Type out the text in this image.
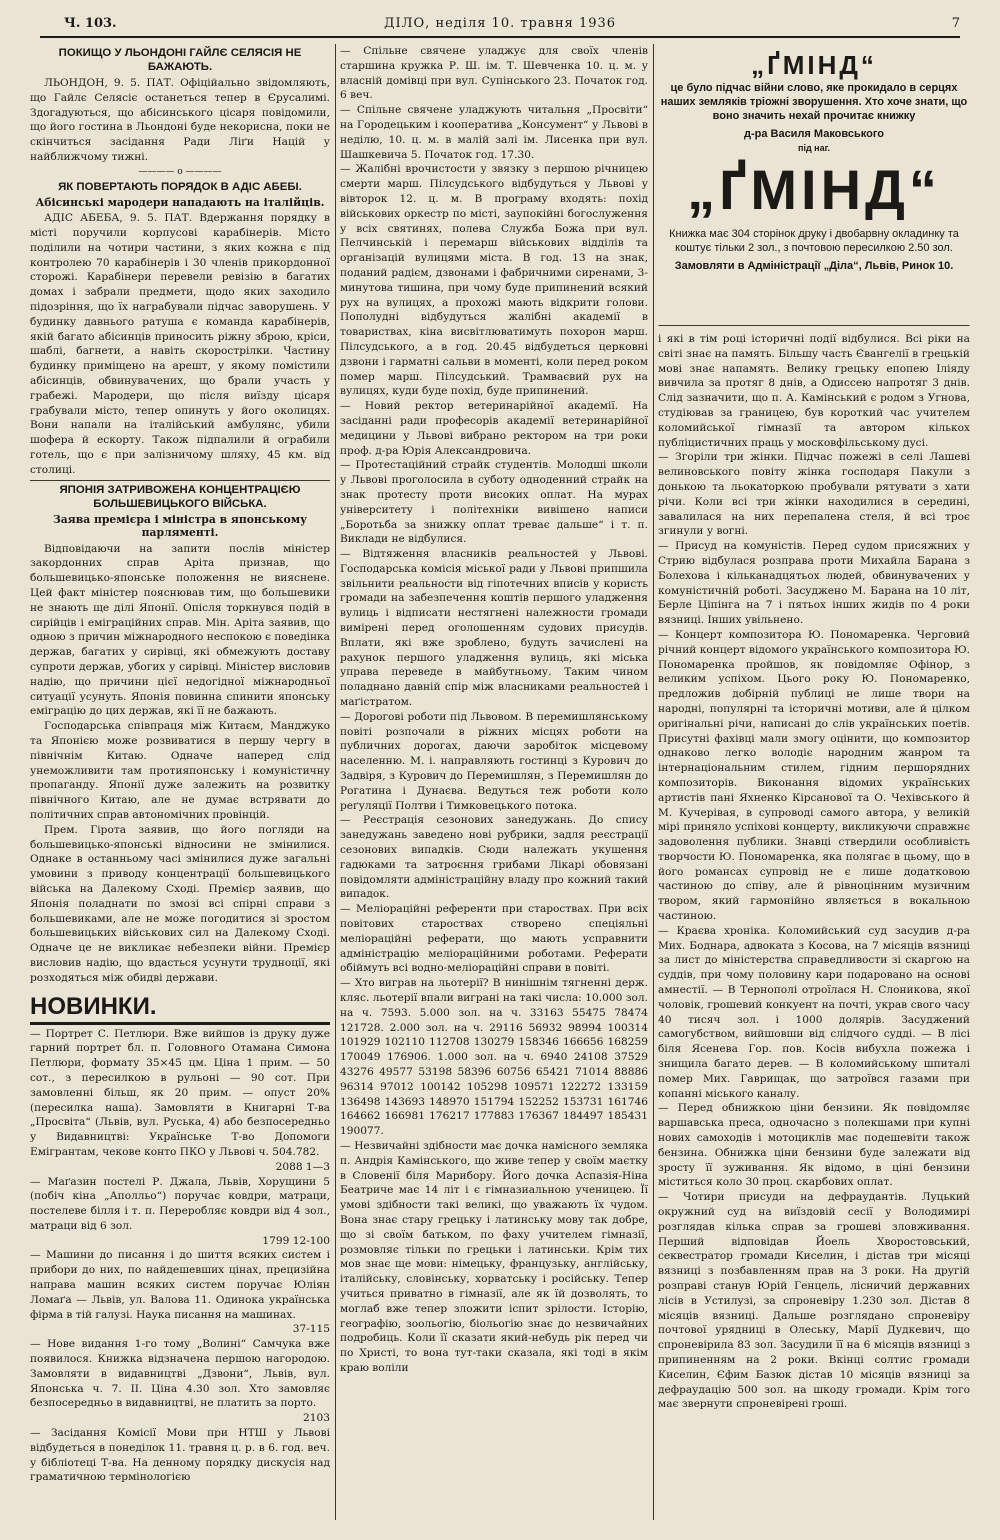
Ч. 103.	ДІЛО, неділя 10. травня 1936	7
ПОКИЩО У ЛЬОНДОНІ ГАЙЛЄ СЕЛЯСІЯ НЕ БАЖАЮТЬ.

ЛЬОНДОН, 9. 5. ПАТ. Офіційально звідомляють, що Гайлє Селясіє останеться тепер в Єрусалимі. Здогадуються, що абісинського цісаря повідомили, що його гостина в Льондоні буде некорисна, поки не скінчиться засідання Ради Ліґи Націй у найближчому тижні.

———— o ————
ЯК ПОВЕРТАЮТЬ ПОРЯДОК В АДІС АБЕБІ.
Абісинські мародери нападають на італійців.

АДІС АБЕБА, 9. 5. ПАТ. Вдержання порядку в місті поручили корпусові карабінерів. Місто поділили на чотири частини, з яких кожна є під контролею 70 карабінерів і 30 членів прикордонної сторожі. Карабінери перевели ревізію в багатих домах і забрали предмети, щодо яких заходило підозріння, що їх награбували підчас заворушень. У будинку давнього ратуша є команда карабінерів, якій багато абісинців приносить ріжну зброю, кріси, шаблі, багнети, а навіть скорострілки. Частину будинку приміщено на арешт, у якому помістили абісинців, обвинувачених, що брали участь у грабежі. Мародери, що після виїзду цісаря грабували місто, тепер опинуть у його околицях. Вони напали на італійський амбулянс, убили шофера й ескорту. Також підпалили й ограбили готель, що є при залізничому шляху, 45 км. від столиці.

ЯПОНІЯ ЗАТРИВОЖЕНА КОНЦЕНТРАЦІЄЮ БОЛЬШЕВИЦЬКОГО ВІЙСЬКА.
Заява премієра і міністра в японському парляменті.

Відповідаючи на запити послів міністер закордонних справ Аріта признав, що большевицько-японське положення не вияснене. Цей факт міністер пояснював тим, що большевики не знають ще ділі Японії. Опісля торкнувся подій в сирійців і еміграційних справ. Мін. Аріта заявив, що одною з причин міжнародного неспокою є поведінка держав, багатих у сирівці, які обмежують доставу супроти держав, убогих у сирівці. Міністер висловив надію, що причини цієї недогідної міжнародньої ситуації усунуть. Японія повинна спинити японську еміграцію до цих держав, які її не бажають.

Господарська співпраця між Китаєм, Манджуко та Японією може розвиватися в першу чергу в північнім Китаю. Одначе наперед слід унеможливити там протияпонську і комуністичну пропаганду. Японії дуже залежить на розвитку північного Китаю, але не думає встрявати до політичних справ автономічних провінцій.

Прем. Гірота заявив, що його погляди на большевицько-японські відносини не змінилися. Однаке в останньому часі змінилися дуже загальні умовини з приводу концентрації большевицького війська на Далекому Сході. Премієр заявив, що Японія поладнати по змозі всі спірні справи з большевиками, але не може погодитися зі зростом большевицьких військових сил на Далекому Сході. Одначе це не викликає небезпеки війни. Премієр висловив надію, що вдасться усунути трудноції, які розходяться між обидві держави.

НОВИНКИ.

— Портрет С. Петлюри. Вже вийшов із друку дуже гарний портрет бл. п. Головного Отамана Симона Петлюри, формату 35×45 цм. Ціна 1 прим. — 50 сот., з пересилкою в рульоні — 90 сот. При замовленні більш, як 20 прим. — опуст 20% (пересилка наша). Замовляти в Книгарні Т-ва „Просвіта“ (Львів, вул. Руська, 4) або безпосередньо у Видавництві: Українське Т-во Допомоги Емігрантам, чекове конто ПКО у Львові ч. 504.782.

2088 1—3

— Маґазин постелі Р. Джала, Львів, Хорущини 5 (побіч кіна „Аполльо“) поручає ковдри, матраци, постелеве білля і т. п. Переробляє ковдри від 4 зол., матраци від 6 зол.

1799 12-100

— Машини до писання і до шиття всяких систем і прибори до них, по найдешевших цінах, прецизійна направа машин всяких систем поручає Юліян Ломаґа — Львів, ул. Валова 11. Одинока українська фірма в тій галузі. Наука писання на машинах.

37-115

— Нове видання 1-го тому „Волині“ Самчука вже появилося. Книжка відзначена першою нагородою. Замовляти в видавництві „Дзвони“, Львів, вул. Японська ч. 7. II. Ціна 4.30 зол. Хто замовляє безпосередньо в видавництві, не платить за порто.

2103

— Засідання Комісії Мови при НТШ у Львові відбудеться в понеділок 11. травня ц. р. в 6. год. веч. у бібліотеці Т-ва. На денному порядку дискусія над граматичною термінологією

— Спільне свячене уладжує для своїх членів старшина кружка Р. Ш. ім. Т. Шевченка 10. ц. м. у власній домівці при вул. Супінського 23. Початок год. 6 веч.

— Спільне свячене уладжують читальня „Просвіти“ на Городецьким і кооператива „Консумент“ у Львові в неділю, 10. ц. м. в малій залі ім. Лисенка при вул. Шашкевича 5. Початок год. 17.30.

— Жалібні врочистости у звязку з першою річницею смерти марш. Пілсудського відбудуться у Львові у вівторок 12. ц. м. В програму входять: похід військових оркестр по місті, заупокійні богослуження у всіх святинях, полева Служба Божа при вул. Пелчинській і перемарш військових відділів та організацій вулицями міста. В год. 13 на знак, поданий радієм, дзвонами і фабричними сиренами, 3-минутова тишина, при чому буде припинений всякий рух на вулицях, а прохожі мають відкрити голови. Пополудні відбудуться жалібні академії в товариствах, кіна висвітлюватимуть похорон марш. Пілсудського, а в год. 20.45 відбудеться церковні дзвони і гарматні сальви в моменті, коли перед роком помер марш. Пілсудський. Трамваєвий рух на вулицях, куди буде похід, буде припинений.

— Новий ректор ветеринарійної академії. На засіданні ради професорів академії ветеринарійної медицини у Львові вибрано ректором на три роки проф. д-ра Юрія Александровича.

— Протестаційний страйк студентів. Молодші школи у Львові проголосила в суботу одноденний страйк на знак протесту проти високих оплат. На мурах університету і політехніки вивішено написи „Боротьба за знижку оплат треває дальше“ і т. п. Виклади не відбулися.

— Відтяження власників реальностей у Львові. Господарська комісія міської ради у Львові припшила звільнити реальности від гіпотечних вписів у користь громади на забезпечення коштів першого уладження вулиць і відписати нестягнені належности громади вимірені перед оголошенням судових присудів. Вплати, які вже зроблено, будуть зачислені на рахунок першого уладження вулиць, які міська управа переведе в майбутньому. Таким чином поладнано давній спір між власниками реальностей і маґістратом.

— Дорогові роботи під Львовом. В перемишлянському повіті розпочали в ріжних місцях роботи на публичних дорогах, даючи заробіток місцевому населенню. М. і. направляють гостинці з Курович до Задвіря, з Курович до Перемишлян, з Перемишлян до Рогатина і Дунаєва. Ведуться теж роботи коло реґуляції Полтви і Тимковецького потока.

— Реєстрація сезонових занедужань. До спису занедужань заведено нові рубрики, задля реєстрації сезонових випадків. Сюди належать укушення гадюками та затроєння грибами Лікарі обовязані повідомляти адміністраційну владу про кожний такий випадок.

— Меліораційні референти при староствах. При всіх повітових староствах створено спеціяльні меліораційні реферати, що мають усправнити адміністрацію меліораційними роботами. Реферати обіймуть всі водно-меліораційні справи в повіті.

— Хто виграв на льотерії? В нинішнім тягненні держ. кляс. льотерії впали виграні на такі числа: 10.000 зол. на ч. 7593. 5.000 зол. на ч. 33163 55475 78474 121728. 2.000 зол. на ч. 29116 56932 98994 100314 101929 102110 112708 130279 158346 166656 168259 170049 176906. 1.000 зол. на ч. 6940 24108 37529 43276 49577 53198 58396 60756 65421 71014 88886 96314 97012 100142 105298 109571 122272 133159 136498 143693 148970 151794 152252 153731 161746 164662 166981 176217 177883 176367 184497 185431 190077.

— Незвичайні здібности має дочка намісного земляка п. Андрія Камінського, що живе тепер у своїм маєтку в Словенії біля Марибору. Його дочка Аспазія-Ніна Беатриче має 14 літ і є гімназиальною ученицею. Її умові здібности такі великі, що уважають їх чудом. Вона знає стару грецьку і латинську мову так добре, що зі своїм батьком, по фаху учителем гімназії, розмовляє тільки по грецьки і латинськи. Крім тих мов знає ще мови: німецьку, французьку, англійську, італійську, словінську, хорватську і російську. Тепер учиться приватно в гімназії, але як їй дозволять, то моглаб вже тепер зложити іспит зрілости. Історію, географію, зоольогію, біольогію знає до незвичайних подробиць. Коли її сказати який-небудь рік перед чи по Христі, то вона тут-таки сказала, які тоді в якім краю воліли

„ҐМІНД“
це було підчас війни слово, яке прокидало в серцях наших земляків тріожні зворушення. Хто хоче знати, що воно значить нехай прочитає книжку
д-ра Василя Маковського
під наг.
„ҐМІНД“
Книжка має 304 сторінок друку і двобарвну окладинку та коштує тільки 2 зол., з почтовою пересилкою 2.50 зол.
Замовляти в Адміністрації „Діла“, Львів, Ринок 10.

і які в тім році історичні події відбулися. Всі ріки на світі знає на память. Більшу часть Євангелії в грецькій мові знає напамять. Велику грецьку епопею Іліяду вивчила за протяг 8 днів, а Одиссею напротяг 3 днів. Слід зазначити, що п. А. Камінський є родом з Угнова, студіював за границею, був короткий час учителем коломийської гімназії та автором кількох публіцистичних праць у московфільському дусі.

— Згоріли три жінки. Підчас пожежі в селі Лашеві велиновського повіту жінка господаря Пакули з донькою та льокаторкою пробували рятувати з хати річи. Коли всі три жінки находилися в середині, завалилася на них перепалена стеля, й всі троє згинули у вогні.

— Присуд на комуністів. Перед судом присяжних у Стрию відбулася розправа проти Михайла Барана з Болехова і кільканадцятьох людей, обвинувачених у комуністичній роботі. Засуджено М. Барана на 10 літ, Берле Ціпінга на 7 і пятьох інших жидів по 4 роки вязниці. Інших увільнено.

— Концерт композитора Ю. Пономаренка. Черговий річний концерт відомого українського композитора Ю. Пономаренка пройшов, як повідомляє Офінор, з великим успіхом. Цього року Ю. Пономаренко, предложив добірній публиці не лише твори на народні, популярні та історичні мотиви, але й цілком оригінальні річи, написані до слів українських поетів. Присутні фахівці мали змогу оцінити, що композитор однаково легко володіє народним жанром та інтернаціональним стилем, гідним першорядних композиторів. Виконання відомих українських артистів пані Яхненко Кірсанової та О. Чехівського й М. Кучерівая, в супроводі самого автора, у великій мірі приняло успіхові концерту, викликуючи справжнє задоволення публики. Знавці ствердили особливість творчости Ю. Пономаренка, яка полягає в цьому, що в його романсах супровід не є лише додатковою частиною до співу, але й рівноцінним музичним твором, який гармонійно являється в вокальною частиною.

— Краєва хроніка. Коломийський суд засудив д-ра Мих. Боднара, адвоката з Косова, на 7 місяців вязниці за лист до міністерства справедливости зі скаргою на суддів, при чому половину кари подаровано на основі амнестії. — В Тернополі отроїлася Н. Слоникова, якої чоловік, грошевий конкуент на почті, украв свого часу 40 тисяч зол. і 1000 долярів. Засуджений самогубством, вийшовши від слідчого судді. — В лісі біля Ясенева Гор. пов. Косів вибухла пожежа і знищила багато дерев. — В коломийському шпиталі помер Мих. Гаврищак, що затроївся газами при копанні міського каналу.

— Перед обнижкою ціни бензини. Як повідомляє варшавська преса, одночасно з полекшами при купні нових самоходів і мотоциклів має подешевіти також бензина. Обнижка ціни бензини буде залежати від зросту її зуживання. Як відомо, в ціні бензини міститься коло 30 проц. скарбових оплат.

— Чотири присуди на дефраудантів. Луцький окружний суд на виїздовій сесії у Володимирі розглядав кілька справ за грошеві зловживання. Перший відповідав Йоель Хворостовський, секвестратор громади Киселин, і дістав три місяці вязниці з позбавленням прав на 3 роки. На другій розправі станув Юрій Генцель, лісничий державних лісів в Устилузі, за спроневіру 1.230 зол. Дістав 8 місяців вязниці. Дальше розглядано спроневіру почтової урядниці в Олеську, Марії Дудкевич, що спроневірила 83 зол. Засудили її на 6 місяців вязниці з припиненням на 2 роки. Вкінці солтис громади Киселин, Єфим Базюк дістав 10 місяців вязниці за дефраудацію 500 зол. на шкоду громади. Крім того має звернути спроневірені гроші.
